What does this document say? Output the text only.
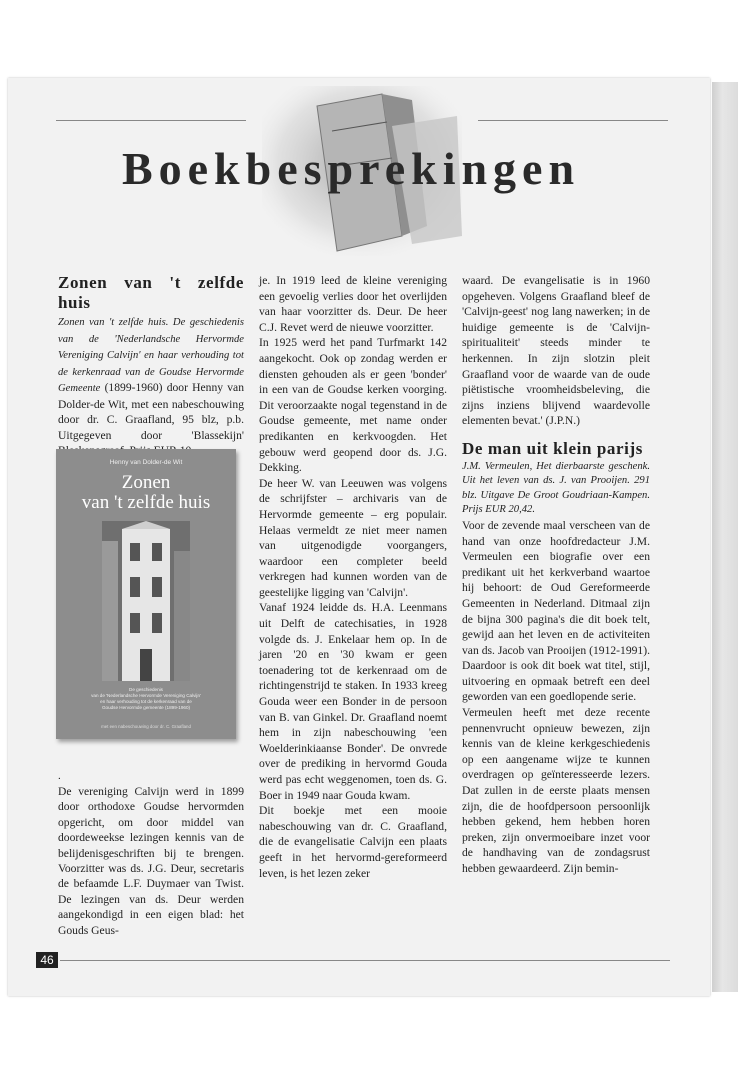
Boekbesprekingen
Zonen van 't zelfde huis

Zonen van 't zelfde huis. De geschiedenis van de 'Nederlandsche Hervormde Vereniging Calvijn' en haar verhouding tot de kerkenraad van de Goudse Hervormde Gemeente (1899-1960) door Henny van Dolder-de Wit, met een nabeschouwing door dr. C. Graafland, 95 blz, p.b. Uitgegeven door 'Blassekijn'

Henny van Dolder-de Wit
Zonen
van 't zelfde huis
De geschiedenis
van de 'Nederlandsche Hervormde Vereniging Calvijn'
en haar verhouding tot de kerkenraad van de
Goudse Hervormde gemeente (1899-1960)
met een nabeschouwing door dr. C. Graafland
.

De vereniging Calvijn werd in 1899 door orthodoxe Goudse hervormden opgericht, om door middel van doordeweekse lezingen kennis van de belijdenisgeschriften bij te brengen. Voorzitter was ds. J.G. Deur, secretaris de befaamde L.F. Duymaer van Twist. De lezingen van ds. Deur werden aangekondigd in een eigen blad: het Gouds Geus-

je. In 1919 leed de kleine vereniging een gevoelig verlies door het overlijden van haar voorzitter ds. Deur. De heer C.J. Revet werd de nieuwe voorzitter.

In 1925 werd het pand Turfmarkt 142 aangekocht. Ook op zondag werden er diensten gehouden als er geen 'bonder' in een van de Goudse kerken voorging. Dit veroorzaakte nogal tegenstand in de Goudse gemeente, met name onder predikanten en kerkvoogden. Het gebouw werd geopend door ds. J.G. Dekking.

De heer W. van Leeuwen was volgens de schrijfster – archivaris van de Hervormde gemeente – erg populair. Helaas vermeldt ze niet meer namen van uitgenodigde voorgangers, waardoor een completer beeld verkregen had kunnen worden van de geestelijke ligging van 'Calvijn'.

Vanaf 1924 leidde ds. H.A. Leenmans uit Delft de catechisaties, in 1928 volgde ds. J. Enkelaar hem op. In de jaren '20 en '30 kwam er geen toenadering tot de kerkenraad om de richtingenstrijd te staken. In 1933 kreeg Gouda weer een Bonder in de persoon van B. van Ginkel. Dr. Graafland noemt hem in zijn nabeschouwing 'een Woelderinkiaanse Bonder'. De onvrede over de prediking in hervormd Gouda werd pas echt weggenomen, toen ds. G. Boer in 1949 naar Gouda kwam.

Dit boekje met een mooie nabeschouwing van dr. C. Graafland, die de evangelisatie Calvijn een plaats geeft in het hervormd-gereformeerd leven, is het lezen zeker

waard. De evangelisatie is in 1960 opgeheven. Volgens Graafland bleef de 'Calvijn-geest' nog lang nawerken; in de huidige gemeente is de 'Calvijn-spiritualiteit' steeds minder te herkennen. In zijn slotzin pleit Graafland voor de waarde van de oude piëtistische vroomheidsbeleving, die zijns inziens blijvend waardevolle elementen bevat.' (J.P.N.)

De man uit klein parijs

J.M. Vermeulen, Het dierbaarste geschenk. Uit het leven van ds. J. van Prooijen. 291 blz. Uitgave De Groot Goudriaan-Kampen. Prijs EUR 20,42.

Voor de zevende maal verscheen van de hand van onze hoofdredacteur J.M. Vermeulen een biografie over een predikant uit het kerkverband waartoe hij behoort: de Oud Gereformeerde Gemeenten in Nederland. Ditmaal zijn de bijna 300 pagina's die dit boek telt, gewijd aan het leven en de activiteiten van ds. Jacob van Prooijen (1912-1991). Daardoor is ook dit boek wat titel, stijl, uitvoering en opmaak betreft een deel geworden van een goedlopende serie.

Vermeulen heeft met deze recente pennenvrucht opnieuw bewezen, zijn kennis van de kleine kerkgeschiedenis op een aangename wijze te kunnen overdragen op geïnteresseerde lezers. Dat zullen in de eerste plaats mensen zijn, die de hoofdpersoon persoonlijk hebben gekend, hem hebben horen preken, zijn onvermoeibare inzet voor de handhaving van de zondagsrust hebben gewaardeerd. Zijn bemin-

46
